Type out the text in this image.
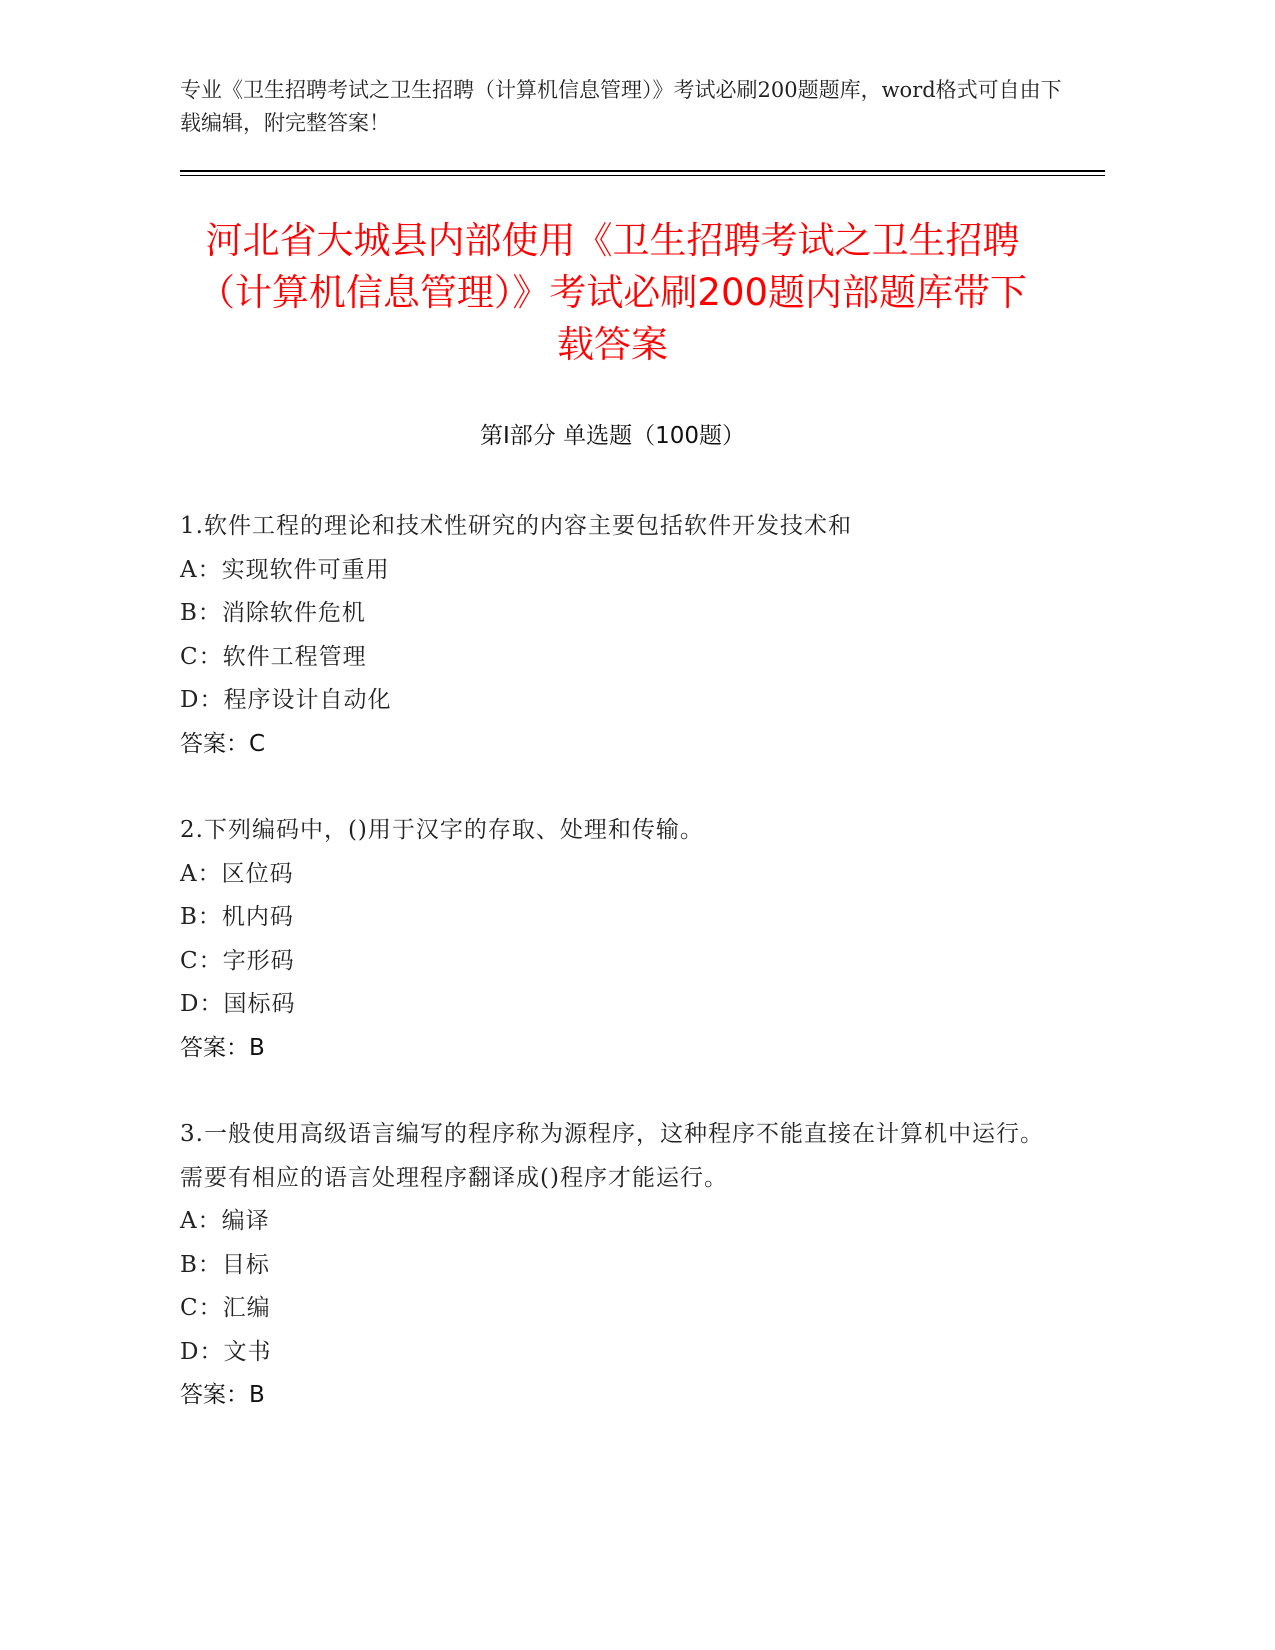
专业《卫生招聘考试之卫生招聘（计算机信息管理）》考试必刷200题题库，word格式可自由下载编辑，附完整答案！
河北省大城县内部使用《卫生招聘考试之卫生招聘（计算机信息管理）》考试必刷200题内部题库带下载答案
第Ⅰ部分 单选题（100题）
1.软件工程的理论和技术性研究的内容主要包括软件开发技术和
A：实现软件可重用
B：消除软件危机
C：软件工程管理
D：程序设计自动化
答案：C
2.下列编码中，()用于汉字的存取、处理和传输。
A：区位码
B：机内码
C：字形码
D：国标码
答案：B
3.一般使用高级语言编写的程序称为源程序，这种程序不能直接在计算机中运行。需要有相应的语言处理程序翻译成()程序才能运行。
A：编译
B：目标
C：汇编
D：文书
答案：B
